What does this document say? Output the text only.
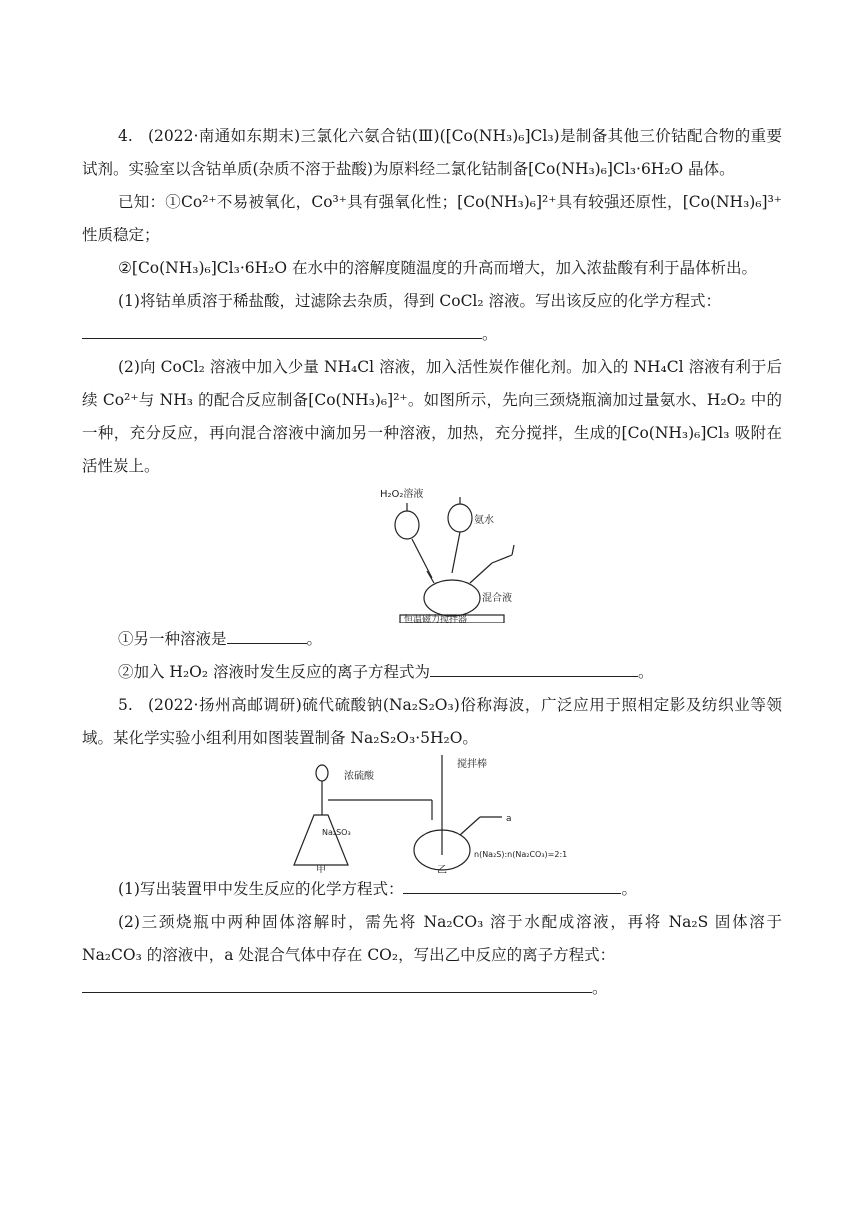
4. (2022·南通如东期末)三氯化六氨合钴(Ⅲ)([Co(NH₃)₆]Cl₃)是制备其他三价钴配合物的重要试剂。实验室以含钴单质(杂质不溶于盐酸)为原料经二氯化钴制备[Co(NH₃)₆]Cl₃·6H₂O 晶体。

已知：①Co²⁺不易被氧化，Co³⁺具有强氧化性；[Co(NH₃)₆]²⁺具有较强还原性，[Co(NH₃)₆]³⁺性质稳定；

②[Co(NH₃)₆]Cl₃·6H₂O 在水中的溶解度随温度的升高而增大，加入浓盐酸有利于晶体析出。

(1)将钴单质溶于稀盐酸，过滤除去杂质，得到 CoCl₂ 溶液。写出该反应的化学方程式：

。

(2)向 CoCl₂ 溶液中加入少量 NH₄Cl 溶液，加入活性炭作催化剂。加入的 NH₄Cl 溶液有利于后续 Co²⁺与 NH₃ 的配合反应制备[Co(NH₃)₆]²⁺。如图所示，先向三颈烧瓶滴加过量氨水、H₂O₂ 中的一种，充分反应，再向混合溶液中滴加另一种溶液，加热，充分搅拌，生成的[Co(NH₃)₆]Cl₃ 吸附在活性炭上。

H₂O₂溶液
氨水
混合液
恒温磁力搅拌器

①另一种溶液是	。

②加入 H₂O₂ 溶液时发生反应的离子方程式为	。

5. (2022·扬州高邮调研)硫代硫酸钠(Na₂S₂O₃)俗称海波，广泛应用于照相定影及纺织业等领域。某化学实验小组利用如图装置制备 Na₂S₂O₃·5H₂O。

浓硫酸
Na₂SO₃
搅拌棒
a
n(Na₂S):n(Na₂CO₃)=2:1
甲	乙

(1)写出装置甲中发生反应的化学方程式：	。

(2)三颈烧瓶中两种固体溶解时，需先将 Na₂CO₃ 溶于水配成溶液，再将 Na₂S 固体溶于Na₂CO₃ 的溶液中，a 处混合气体中存在 CO₂，写出乙中反应的离子方程式：

。
